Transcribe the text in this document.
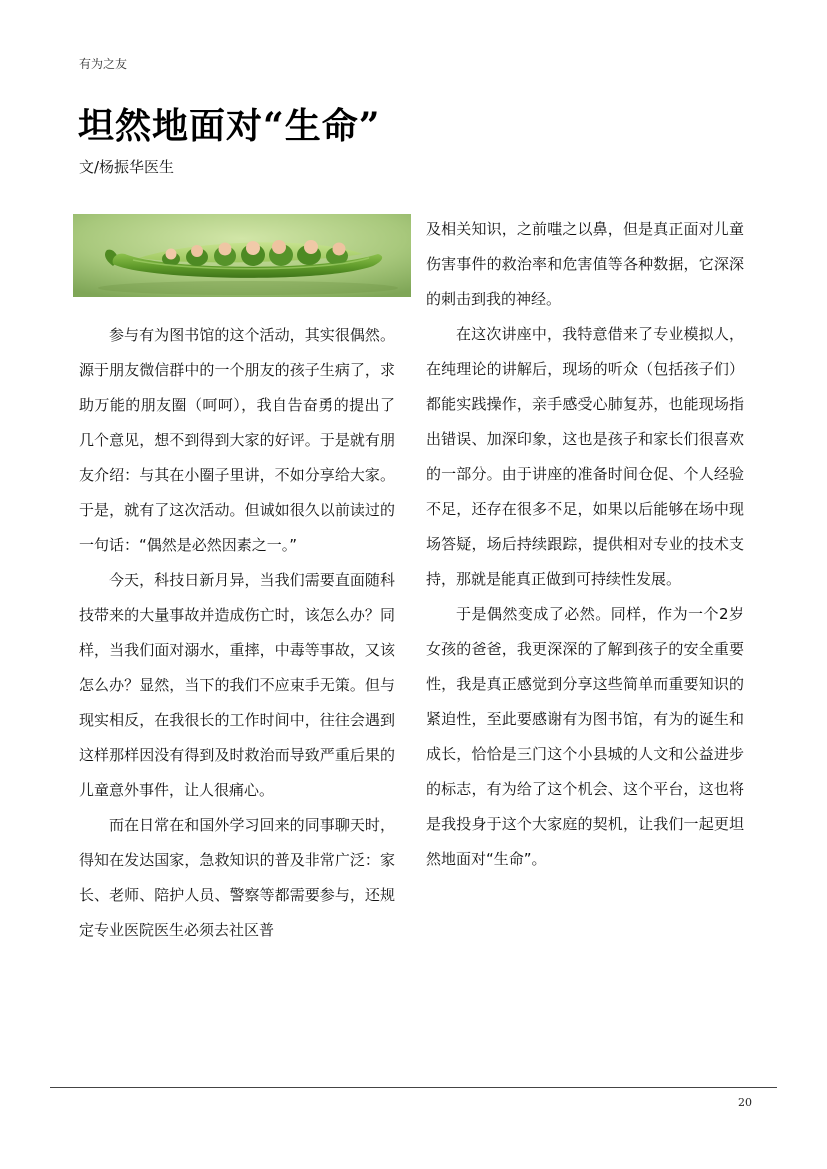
有为之友
坦然地面对“生命”
文/杨振华医生

参与有为图书馆的这个活动，其实很偶然。源于朋友微信群中的一个朋友的孩子生病了，求助万能的朋友圈（呵呵），我自告奋勇的提出了几个意见，想不到得到大家的好评。于是就有朋友介绍：与其在小圈子里讲，不如分享给大家。于是，就有了这次活动。但诚如很久以前读过的一句话：“偶然是必然因素之一。”

今天，科技日新月异，当我们需要直面随科技带来的大量事故并造成伤亡时，该怎么办？同样，当我们面对溺水，重摔，中毒等事故，又该怎么办？显然，当下的我们不应束手无策。但与现实相反，在我很长的工作时间中，往往会遇到这样那样因没有得到及时救治而导致严重后果的儿童意外事件，让人很痛心。

而在日常在和国外学习回来的同事聊天时，得知在发达国家，急救知识的普及非常广泛：家长、老师、陪护人员、警察等都需要参与，还规定专业医院医生必须去社区普

及相关知识，之前嗤之以鼻，但是真正面对儿童伤害事件的救治率和危害值等各种数据，它深深的刺击到我的神经。

在这次讲座中，我特意借来了专业模拟人，在纯理论的讲解后，现场的听众（包括孩子们）都能实践操作，亲手感受心肺复苏，也能现场指出错误、加深印象，这也是孩子和家长们很喜欢的一部分。由于讲座的准备时间仓促、个人经验不足，还存在很多不足，如果以后能够在场中现场答疑，场后持续跟踪，提供相对专业的技术支持，那就是能真正做到可持续性发展。

于是偶然变成了必然。同样，作为一个2岁女孩的爸爸，我更深深的了解到孩子的安全重要性，我是真正感觉到分享这些简单而重要知识的紧迫性，至此要感谢有为图书馆，有为的诞生和成长，恰恰是三门这个小县城的人文和公益进步的标志，有为给了这个机会、这个平台，这也将是我投身于这个大家庭的契机，让我们一起更坦然地面对“生命”。

20
